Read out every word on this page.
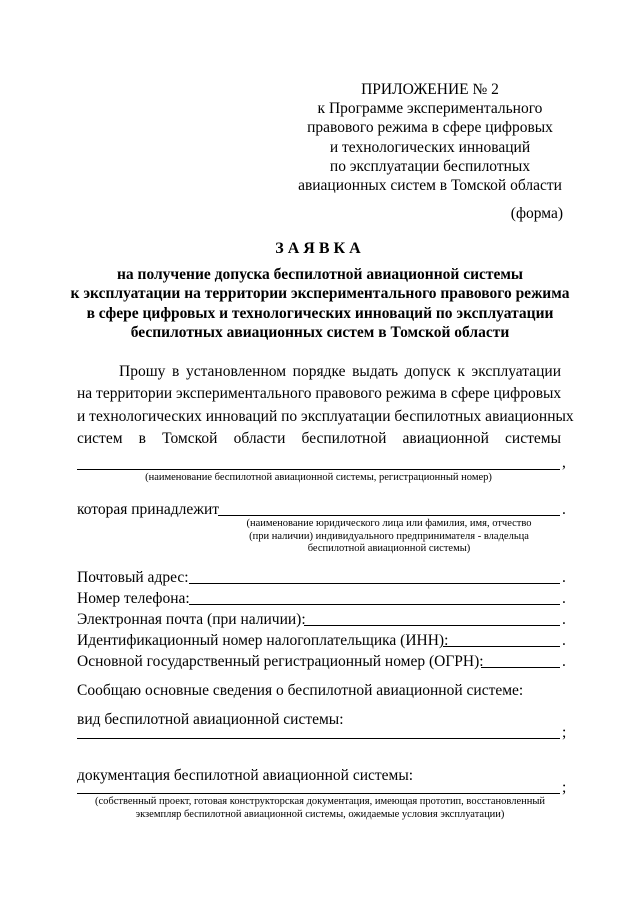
ПРИЛОЖЕНИЕ № 2
к Программе экспериментального
правового режима в сфере цифровых
и технологических инноваций
по эксплуатации беспилотных
авиационных систем в Томской области
(форма)
ЗАЯВКА
на получение допуска беспилотной авиационной системы
к эксплуатации на территории экспериментального правового режима
в сфере цифровых и технологических инноваций по эксплуатации
беспилотных авиационных систем в Томской области
Прошу в установленном порядке выдать допуск к эксплуатации
на территории экспериментального правового режима в сфере цифровых
и технологических инноваций по эксплуатации беспилотных авиационных
систем в Томской области беспилотной авиационной системы
,
(наименование беспилотной авиационной системы, регистрационный номер)
которая принадлежит	.
(наименование юридического лица или фамилия, имя, отчество
(при наличии) индивидуального предпринимателя - владельца
беспилотной авиационной системы)
Почтовый адрес:	.
Номер телефона:	.
Электронная почта (при наличии):	.
Идентификационный номер налогоплательщика (ИНН):	.
Основной государственный регистрационный номер (ОГРН):	.
Сообщаю основные сведения о беспилотной авиационной системе:
вид беспилотной авиационной системы:
;
документация беспилотной авиационной системы:
;
(собственный проект, готовая конструкторская документация, имеющая прототип, восстановленный
экземпляр беспилотной авиационной системы, ожидаемые условия эксплуатации)
